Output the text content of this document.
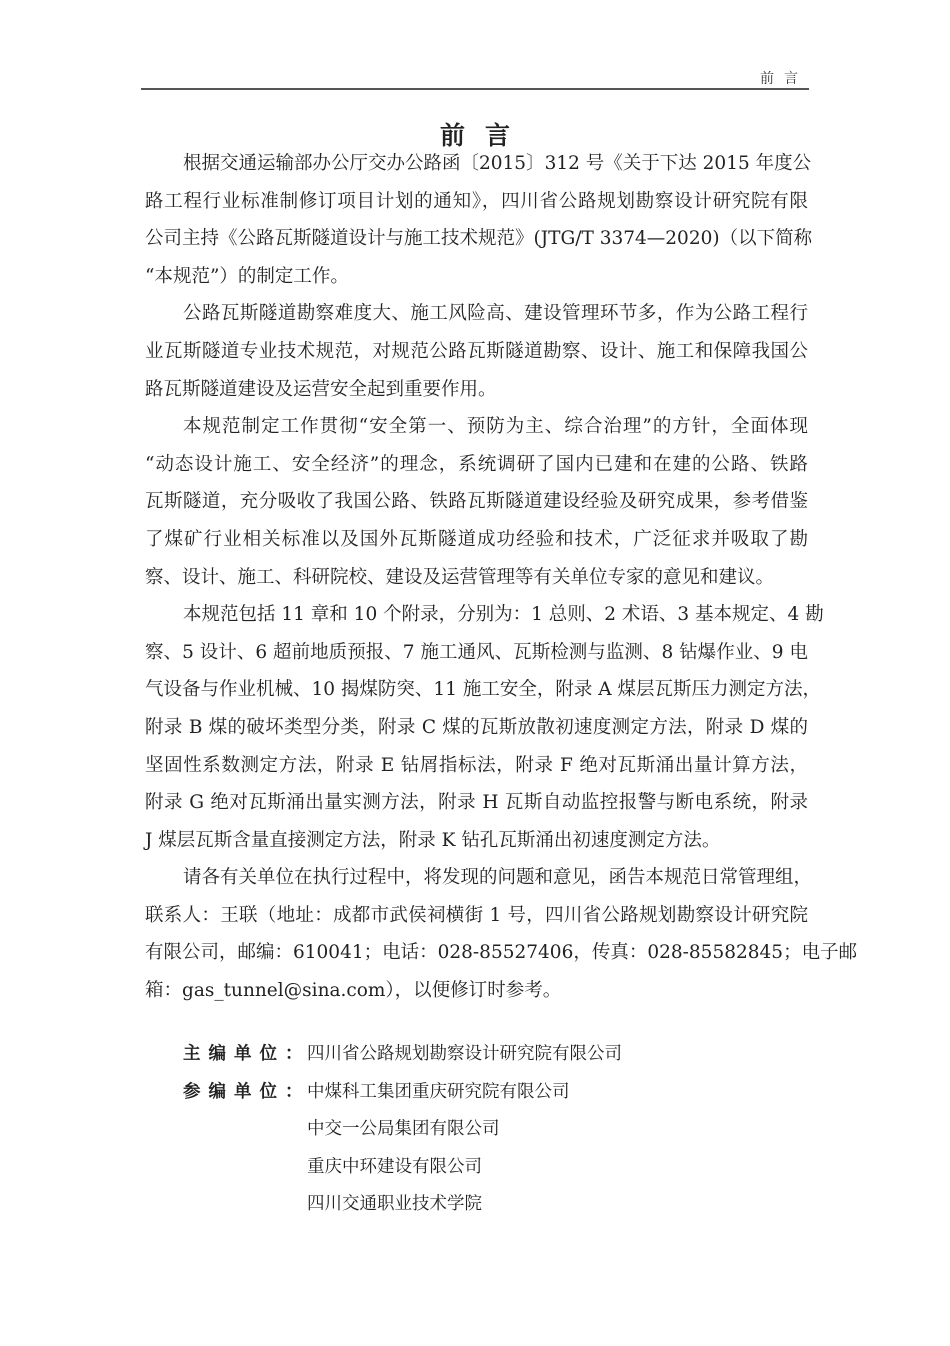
前言
前言
根据交通运输部办公厅交办公路函〔2015〕312 号《关于下达 2015 年度公
路工程行业标准制修订项目计划的通知》，四川省公路规划勘察设计研究院有限
公司主持《公路瓦斯隧道设计与施工技术规范》(JTG/T 3374—2020)（以下简称
“本规范”）的制定工作。
公路瓦斯隧道勘察难度大、施工风险高、建设管理环节多，作为公路工程行
业瓦斯隧道专业技术规范，对规范公路瓦斯隧道勘察、设计、施工和保障我国公
路瓦斯隧道建设及运营安全起到重要作用。
本规范制定工作贯彻“安全第一、预防为主、综合治理”的方针，全面体现
“动态设计施工、安全经济”的理念，系统调研了国内已建和在建的公路、铁路
瓦斯隧道，充分吸收了我国公路、铁路瓦斯隧道建设经验及研究成果，参考借鉴
了煤矿行业相关标准以及国外瓦斯隧道成功经验和技术，广泛征求并吸取了勘
察、设计、施工、科研院校、建设及运营管理等有关单位专家的意见和建议。
本规范包括 11 章和 10 个附录，分别为：1 总则、2 术语、3 基本规定、4 勘
察、5 设计、6 超前地质预报、7 施工通风、瓦斯检测与监测、8 钻爆作业、9 电
气设备与作业机械、10 揭煤防突、11 施工安全，附录 A 煤层瓦斯压力测定方法，
附录 B 煤的破坏类型分类，附录 C 煤的瓦斯放散初速度测定方法，附录 D 煤的
坚固性系数测定方法，附录 E 钻屑指标法，附录 F 绝对瓦斯涌出量计算方法，
附录 G 绝对瓦斯涌出量实测方法，附录 H 瓦斯自动监控报警与断电系统，附录
J 煤层瓦斯含量直接测定方法，附录 K 钻孔瓦斯涌出初速度测定方法。
请各有关单位在执行过程中，将发现的问题和意见，函告本规范日常管理组，
联系人：王联（地址：成都市武侯祠横街 1 号，四川省公路规划勘察设计研究院
有限公司，邮编：610041；电话：028-85527406，传真：028-85582845；电子邮
箱：gas_tunnel@sina.com），以便修订时参考。
主编单位：
四川省公路规划勘察设计研究院有限公司
参编单位：
中煤科工集团重庆研究院有限公司
中交一公局集团有限公司
重庆中环建设有限公司
四川交通职业技术学院
